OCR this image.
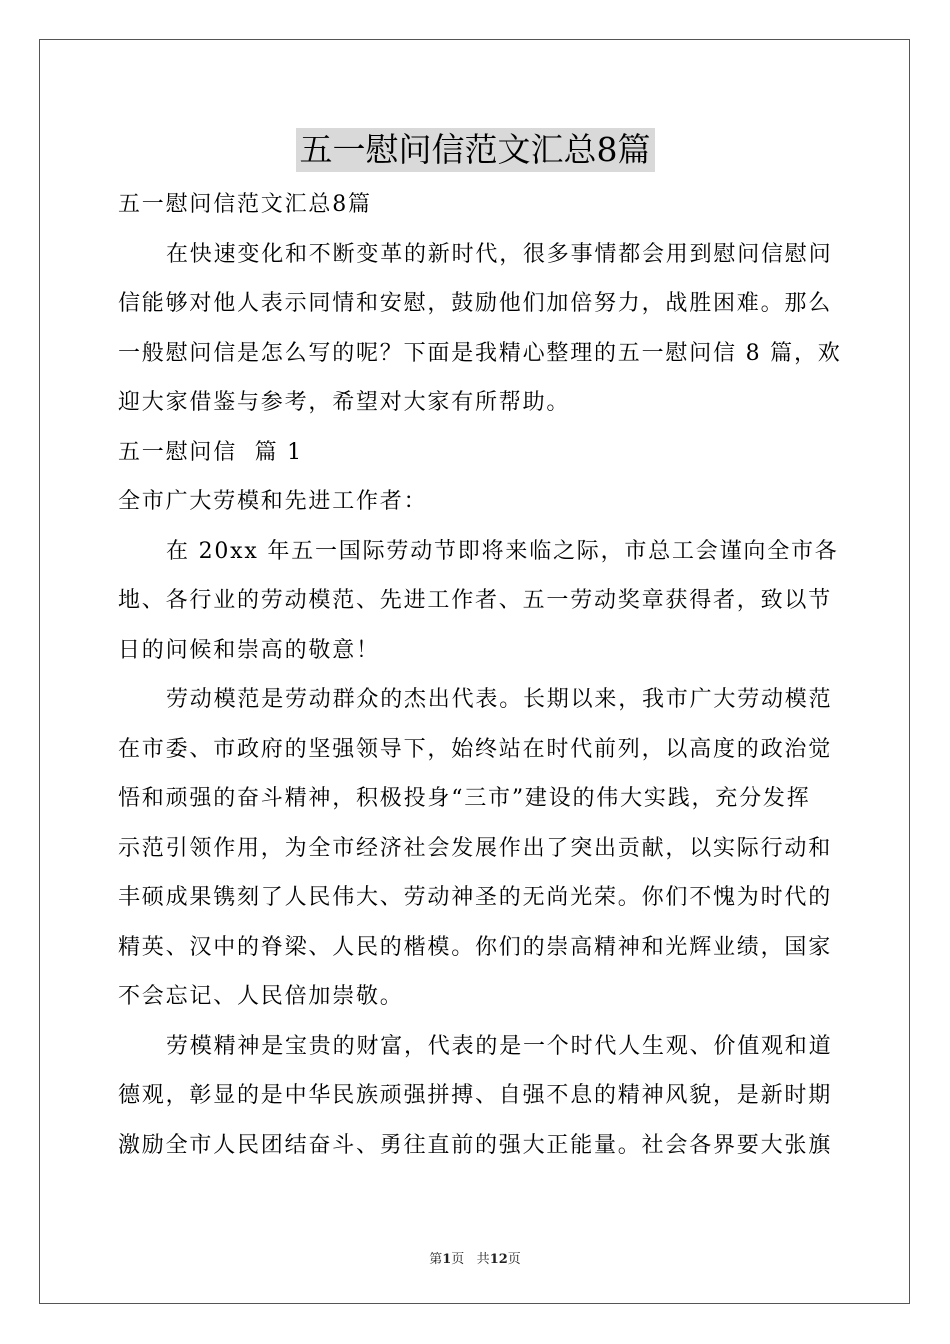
五一慰问信范文汇总8篇
五一慰问信范文汇总8篇
在快速变化和不断变革的新时代，很多事情都会用到慰问信慰问
信能够对他人表示同情和安慰，鼓励他们加倍努力，战胜困难。那么
一般慰问信是怎么写的呢？下面是我精心整理的五一慰问信 8 篇，欢
迎大家借鉴与参考，希望对大家有所帮助。
五一慰问信  篇 1
全市广大劳模和先进工作者：
在 20xx 年五一国际劳动节即将来临之际，市总工会谨向全市各
地、各行业的劳动模范、先进工作者、五一劳动奖章获得者，致以节
日的问候和崇高的敬意！
劳动模范是劳动群众的杰出代表。长期以来，我市广大劳动模范
在市委、市政府的坚强领导下，始终站在时代前列，以高度的政治觉
悟和顽强的奋斗精神，积极投身“三市”建设的伟大实践，充分发挥
示范引领作用，为全市经济社会发展作出了突出贡献，以实际行动和
丰硕成果镌刻了人民伟大、劳动神圣的无尚光荣。你们不愧为时代的
精英、汉中的脊梁、人民的楷模。你们的崇高精神和光辉业绩，国家
不会忘记、人民倍加崇敬。
劳模精神是宝贵的财富，代表的是一个时代人生观、价值观和道
德观，彰显的是中华民族顽强拼搏、自强不息的精神风貌，是新时期
激励全市人民团结奋斗、勇往直前的强大正能量。社会各界要大张旗
第1页 共12页
